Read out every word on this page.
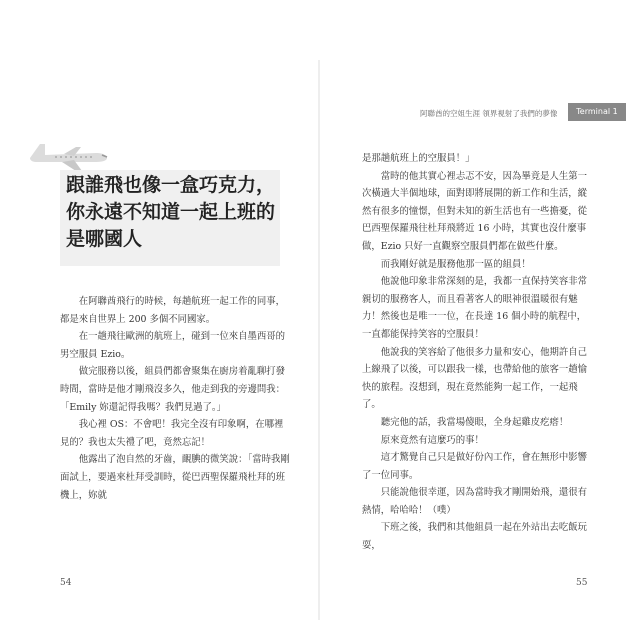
跟誰飛也像一盒巧克力，
你永遠不知道一起上班的
是哪國人

在阿聯酋飛行的時候，每趟航班一起工作的同事，都是來自世界上 200 多個不同國家。

在一趟飛往歐洲的航班上，碰到一位來自墨西哥的男空服員 Ezio。

做完服務以後，組員們都會聚集在廚房着亂聊打發時間，當時是他才剛飛沒多久，他走到我的旁邊問我：「Emily 妳還記得我嗎？我們見過了。」

我心裡 OS：不會吧！我完全沒有印象啊，在哪裡見的？我也太失禮了吧，竟然忘記！

他露出了泡自然的牙齒，靦腆的微笑說：「當時我剛面試上，要過來杜拜受訓時，從巴西聖保羅飛杜拜的班機上，妳就

54
阿聯酋的空姐生涯 領界視射了我們的夢像	Terminal 1

是那趟航班上的空服員！」

當時的他其實心裡忐忑不安，因為畢竟是人生第一次橫過大半個地球，面對即將展開的新工作和生活，縱然有很多的憧憬，但對未知的新生活也有一些擔憂，從巴西聖保羅飛往杜拜飛將近 16 小時，其實也沒什麼事做，Ezio 只好一直觀察空服員們都在做些什麼。

而我剛好就是服務他那一區的組員！

他說他印象非常深刻的是，我都一直保持笑容非常親切的服務客人，而且看著客人的眼神很溫暖很有魅力！然後也是唯一一位，在長達 16 個小時的航程中，一直都能保持笑容的空服員！

他說我的笑容給了他很多力量和安心，他期許自己上線飛了以後，可以跟我一樣，也帶給他的旅客一趟愉快的旅程。沒想到，現在竟然能夠一起工作，一起飛了。

聽完他的話，我當場傻眼，全身起雞皮疙瘩！

原來竟然有這麼巧的事！

這才驚覺自己只是做好份內工作，會在無形中影響了一位同事。

只能說他很幸運，因為當時我才剛開始飛，還很有熱情，哈哈哈！（噗）

下班之後，我們和其他組員一起在外站出去吃飯玩耍，

55
